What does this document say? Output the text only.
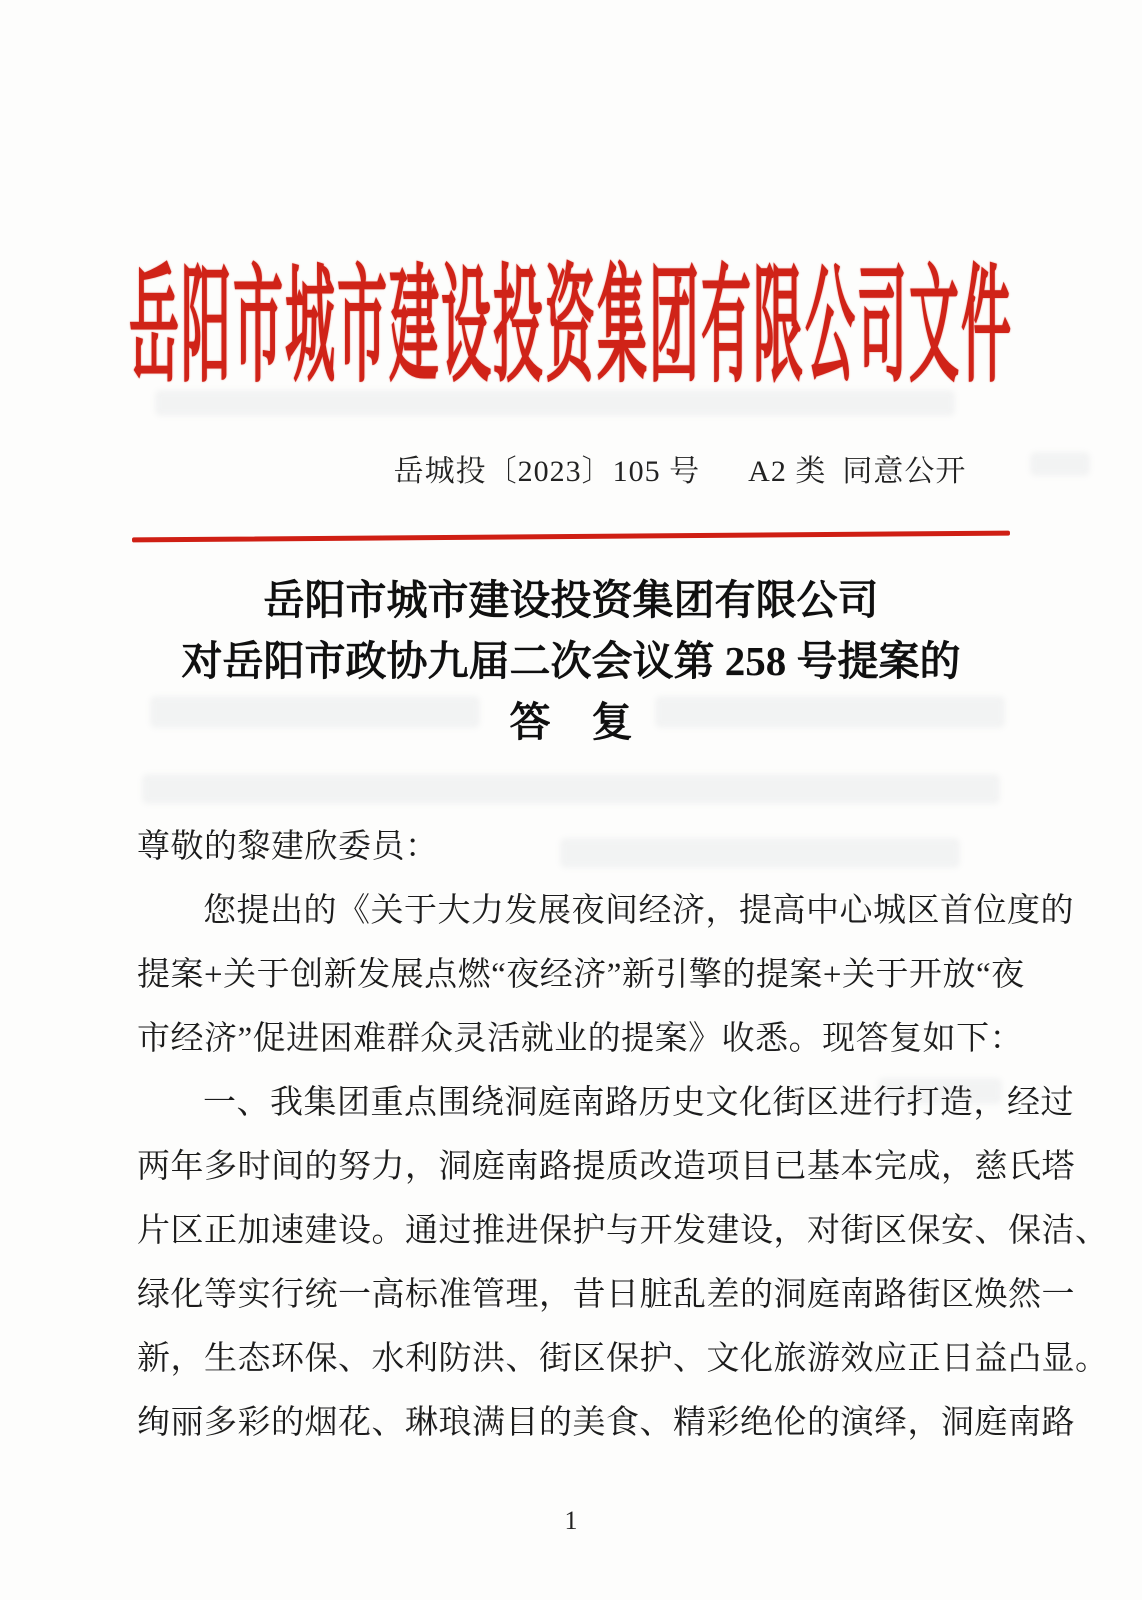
岳阳市城市建设投资集团有限公司文件
岳城投〔2023〕105 号 A2 类 同意公开
岳阳市城市建设投资集团有限公司
对岳阳市政协九届二次会议第 258 号提案的
答　复
尊敬的黎建欣委员：
您提出的《关于大力发展夜间经济，提高中心城区首位度的
提案+关于创新发展点燃“夜经济”新引擎的提案+关于开放“夜
市经济”促进困难群众灵活就业的提案》收悉。现答复如下：
一、我集团重点围绕洞庭南路历史文化街区进行打造，经过
两年多时间的努力，洞庭南路提质改造项目已基本完成，慈氏塔
片区正加速建设。通过推进保护与开发建设，对街区保安、保洁、
绿化等实行统一高标准管理，昔日脏乱差的洞庭南路街区焕然一
新，生态环保、水利防洪、街区保护、文化旅游效应正日益凸显。
绚丽多彩的烟花、琳琅满目的美食、精彩绝伦的演绎，洞庭南路
1
